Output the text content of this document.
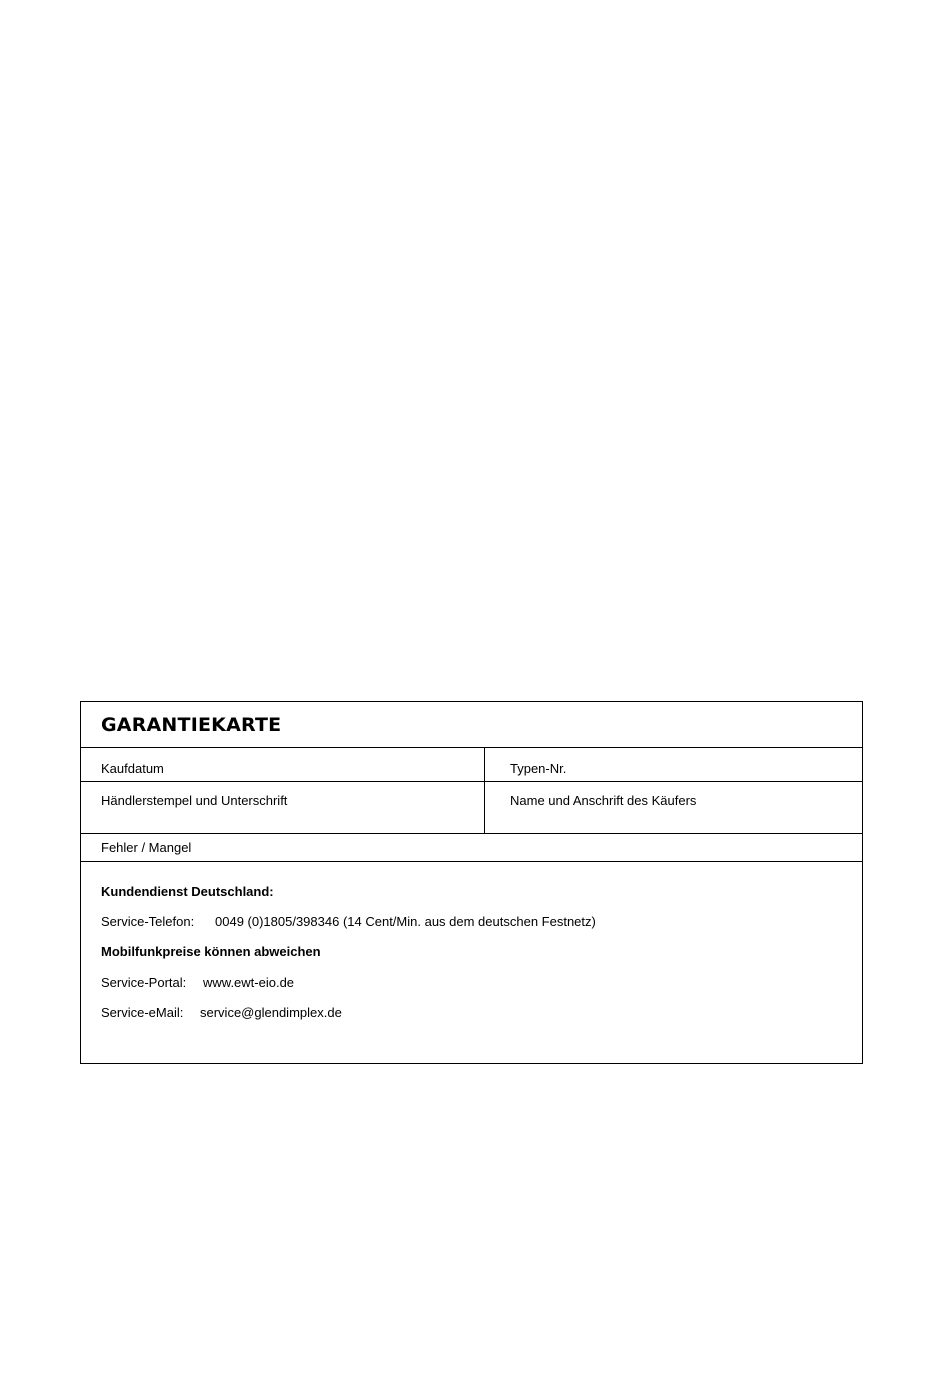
GARANTIEKARTE
Kaufdatum	Typen-Nr.
Händlerstempel und Unterschrift	Name und Anschrift des Käufers
Fehler / Mangel
Kundendienst Deutschland:
Service-Telefon: 0049 (0)1805/398346 (14 Cent/Min. aus dem deutschen Festnetz)
Mobilfunkpreise können abweichen
Service-Portal: www.ewt-eio.de
Service-eMail: service@glendimplex.de
